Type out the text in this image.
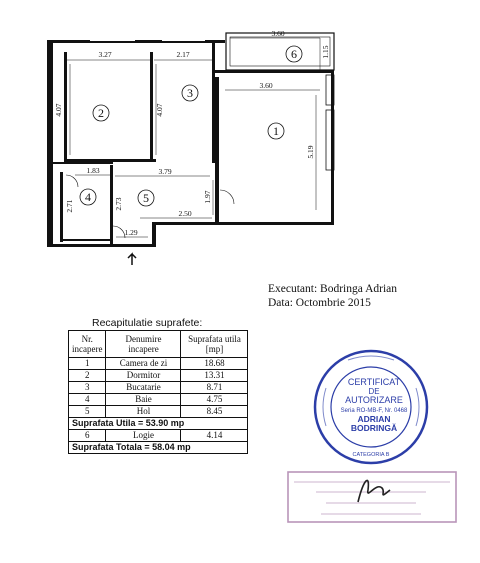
2
3
1
4	5
6
3.27	2.17
3.60
3.60
1.83	3.79
2.50
1.29
4.07	4.07
5.19
1.97
2.71	2.73
1.15
Executant: Bodringa Adrian
Data: Octombrie 2015
Recapitulatie suprafete:
Nr. incapere	Denumire incapere	Suprafata utila [mp]
1	Camera de zi	18.68
2	Dormitor	13.31
3	Bucatarie	8.71
4	Baie	4.75
5	Hol	8.45
Suprafata Utila = 53.90 mp		
6	Logie	4.14
Suprafata Totala = 58.04 mp		
CERTIFICAT
DE
AUTORIZARE
Seria RO-MB-F, Nr. 0468
ADRIAN
BODRINGĂ
CATEGORIA B
